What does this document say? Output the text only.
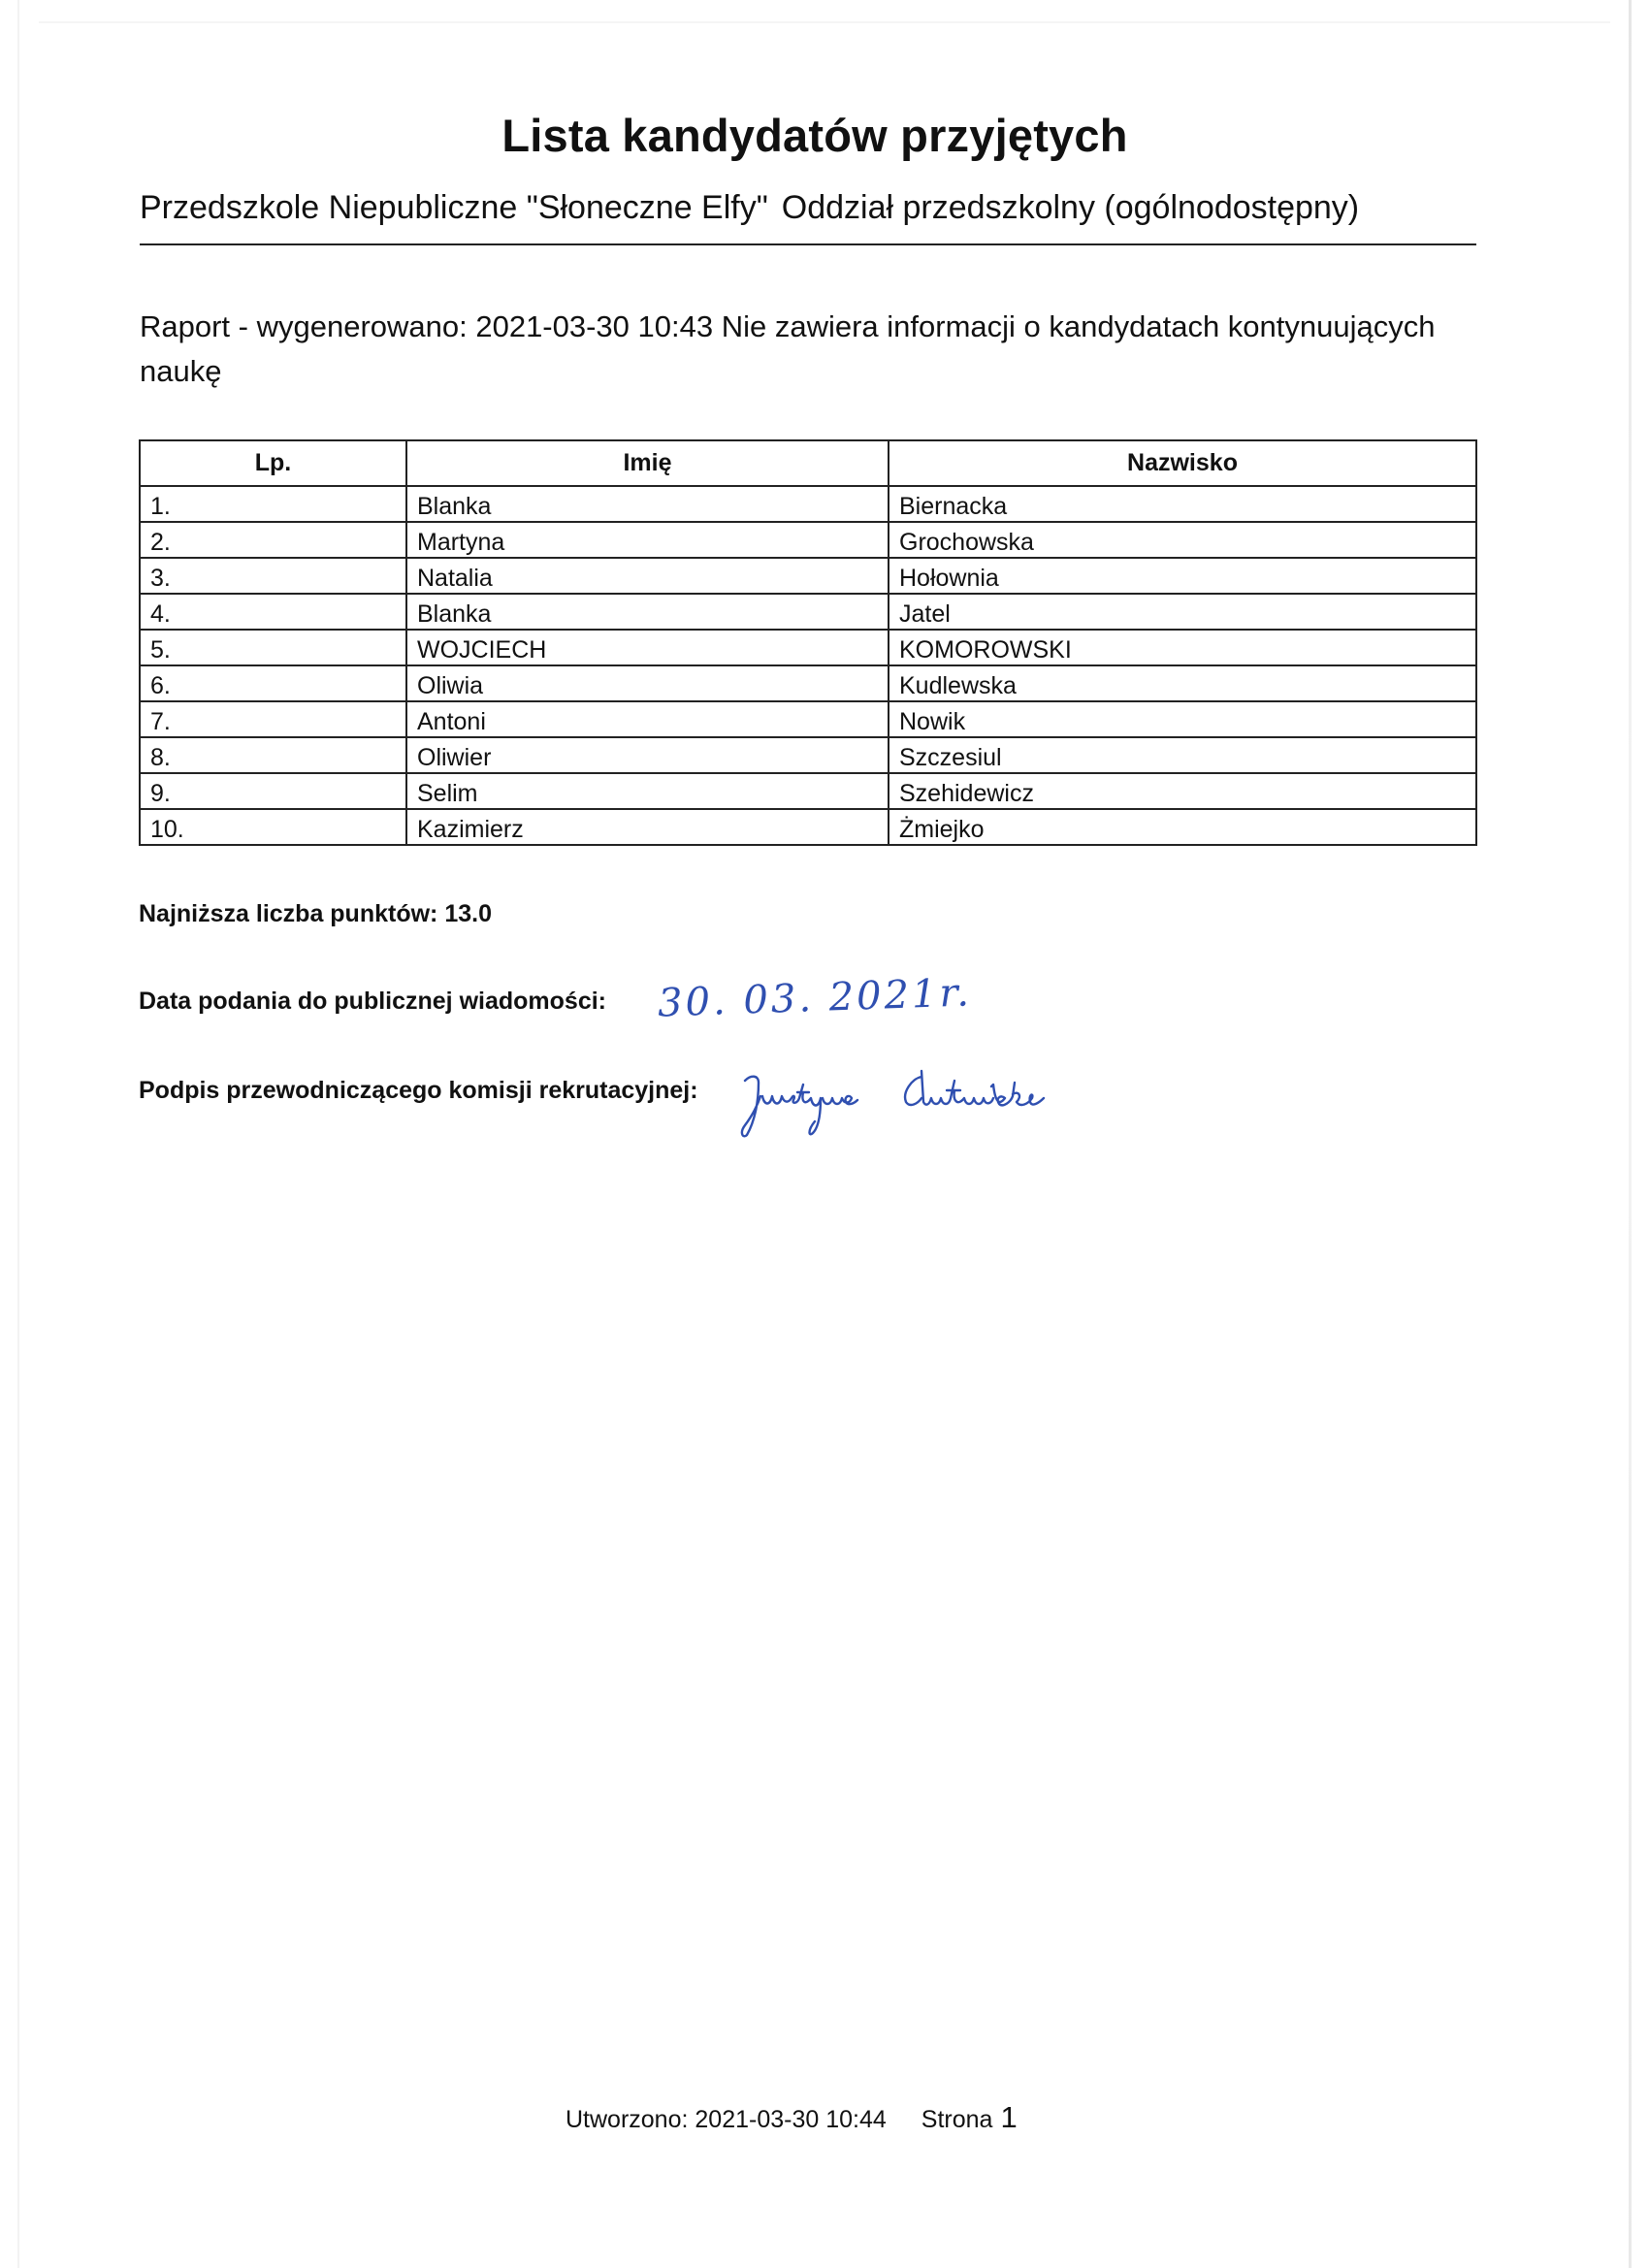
Lista kandydatów przyjętych
Przedszkole Niepubliczne "Słoneczne Elfy" Oddział przedszkolny (ogólnodostępny)
Raport - wygenerowano: 2021-03-30 10:43 Nie zawiera informacji o kandydatach kontynuujących naukę
Lp.	Imię	Nazwisko
1.	Blanka	Biernacka
2.	Martyna	Grochowska
3.	Natalia	Hołownia
4.	Blanka	Jatel
5.	WOJCIECH	KOMOROWSKI
6.	Oliwia	Kudlewska
7.	Antoni	Nowik
8.	Oliwier	Szczesiul
9.	Selim	Szehidewicz
10.	Kazimierz	Żmiejko
Najniższa liczba punktów: 13.0
Data podania do publicznej wiadomości: 30. 03. 2021r.
Podpis przewodniczącego komisji rekrutacyjnej:
Utworzono: 2021-03-30 10:44 Strona 1
